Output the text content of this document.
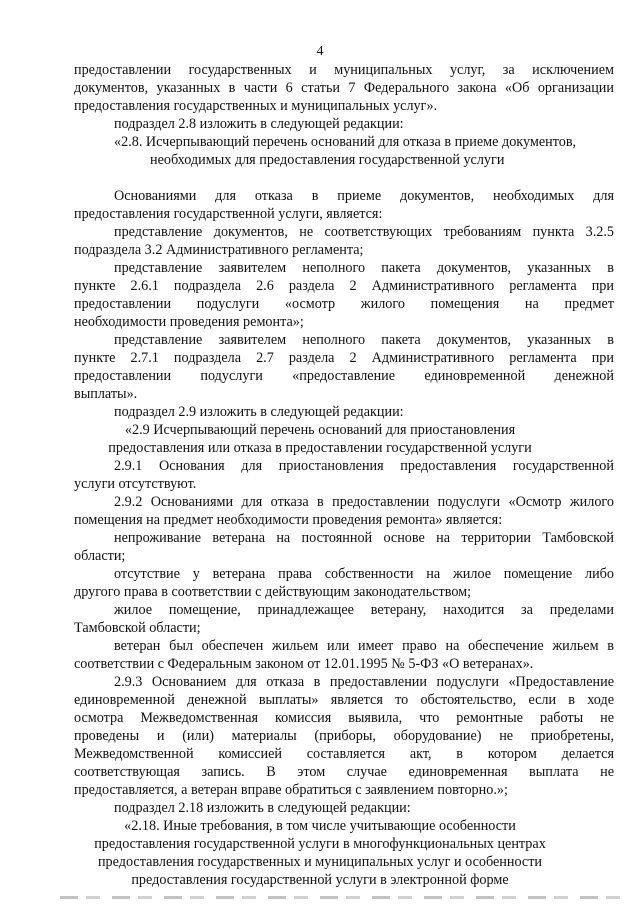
4
предоставлении государственных и муниципальных услуг, за исключением
документов, указанных в части 6 статьи 7 Федерального закона «Об организации
предоставления государственных и муниципальных услуг».
подраздел 2.8 изложить в следующей редакции:
«2.8. Исчерпывающий перечень оснований для отказа в приеме документов,
необходимых для предоставления государственной услуги
Основаниями для отказа в приеме документов, необходимых для
предоставления государственной услуги, является:
представление документов, не соответствующих требованиям пункта 3.2.5
подраздела 3.2 Административного регламента;
представление заявителем неполного пакета документов, указанных в
пункте 2.6.1 подраздела 2.6 раздела 2 Административного регламента при
предоставлении подуслуги «осмотр жилого помещения на предмет
необходимости проведения ремонта»;
представление заявителем неполного пакета документов, указанных в
пункте 2.7.1 подраздела 2.7 раздела 2 Административного регламента при
предоставлении подуслуги «предоставление единовременной денежной
выплаты».
подраздел 2.9 изложить в следующей редакции:
«2.9 Исчерпывающий перечень оснований для приостановления
предоставления или отказа в предоставлении государственной услуги
2.9.1 Основания для приостановления предоставления государственной
услуги отсутствуют.
2.9.2 Основаниями для отказа в предоставлении подуслуги «Осмотр жилого
помещения на предмет необходимости проведения ремонта» является:
непроживание ветерана на постоянной основе на территории Тамбовской
области;
отсутствие у ветерана права собственности на жилое помещение либо
другого права в соответствии с действующим законодательством;
жилое помещение, принадлежащее ветерану, находится за пределами
Тамбовской области;
ветеран был обеспечен жильем или имеет право на обеспечение жильем в
соответствии с Федеральным законом от 12.01.1995 № 5-ФЗ «О ветеранах».
2.9.3 Основанием для отказа в предоставлении подуслуги «Предоставление
единовременной денежной выплаты» является то обстоятельство, если в ходе
осмотра Межведомственная комиссия выявила, что ремонтные работы не
проведены и (или) материалы (приборы, оборудование) не приобретены,
Межведомственной комиссией составляется акт, в котором делается
соответствующая запись. В этом случае единовременная выплата не
предоставляется, а ветеран вправе обратиться с заявлением повторно.»;
подраздел 2.18 изложить в следующей редакции:
«2.18. Иные требования, в том числе учитывающие особенности
предоставления государственной услуги в многофункциональных центрах
предоставления государственных и муниципальных услуг и особенности
предоставления государственной услуги в электронной форме
